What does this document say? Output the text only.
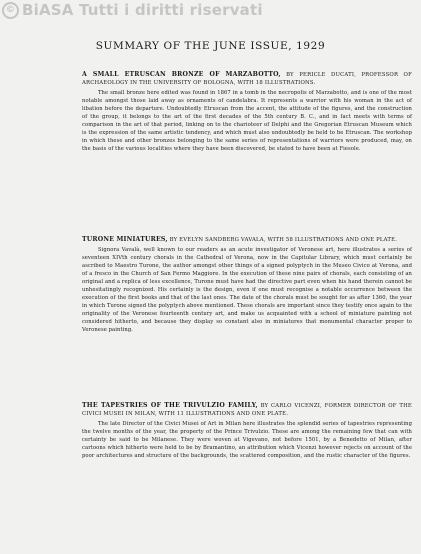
© BiASA Tutti i diritti riservati
SUMMARY OF THE JUNE ISSUE, 1929
A SMALL ETRUSCAN BRONZE OF MARZABOTTO, BY PERICLE DUCATI, PROFESSOR OF ARCHAEOLOGY IN THE UNIVERSITY OF BOLOGNA, WITH 18 ILLUSTRATIONS.

The small bronze here edited was found in 1867 in a tomb in the necropolis of Marzabotto, and is one of the most notable amongst those laid away as ornaments of candelabra. It represents a warrior with his woman in the act of libation before the departure. Undoubtedly Etruscan from the accent, the attitude of the figures, and the construction of the group, it belongs to the art of the first decades of the 5th century B. C., and in fact meets with terms of comparison in the art of that period, linking on to the charioteer of Delphi and the Gregorian Etruscan Museum which is the expression of the same artistic tendency, and which must also undoubtedly be held to be Etruscan. The workshop in which these and other bronzes belonging to the same series of representations of warriors were produced, may, on the basis of the various localities where they have been discovered, be stated to have been at Fiesole.

TURONE MINIATURES, BY EVELYN SANDBERG VAVALA, WITH 58 ILLUSTRATIONS AND ONE PLATE.

Signora Vavalà, well known to our readers as an acute investigator of Veronese art, here illustrates a series of seventeen XIVth century chorals in the Cathedral of Verona, now in the Capitular Library, which must certainly be ascribed to Maestro Turone, the author amongst other things of a signed polyptych in the Museo Civico at Verona, and of a fresco in the Church of San Fermo Maggiore. In the execution of these nine pairs of chorals, each consisting of an original and a replica of less excellence, Turone must have had the directive part even when his hand therein cannot be unhesitatingly recognized. His certainly is the design, even if one must recognise a notable occurrence between the execution of the first books and that of the last ones. The date of the chorals must be sought for as after 1360, the year in which Turone signed the polyptych above mentioned. These chorals are important since they testify once again to the originality of the Veronese fourteenth century art, and make us acquainted with a school of miniature painting not considered hitherto, and because they display so constant also in miniatures that monumental character proper to Veronese painting.

THE TAPESTRIES OF THE TRIVULZIO FAMILY, BY CARLO VICENZI, FORMER DIRECTOR OF THE CIVICI MUSEI IN MILAN, WITH 11 ILLUSTRATIONS AND ONE PLATE.

The late Director of the Civici Musei of Art in Milan here illustrates the splendid series of tapestries representing the twelve months of the year, the property of the Prince Trivulzio. These are among the remaining few that can with certainty be said to be Milanese. They were woven at Vigevano, not before 1501, by a Benedetto of Milan, after cartoons which hitherto were held to be by Bramantino, an attribution which Vicenzi however rejects on account of the poor architectures and structure of the backgrounds, the scattered composition, and the rustic character of the figures.
